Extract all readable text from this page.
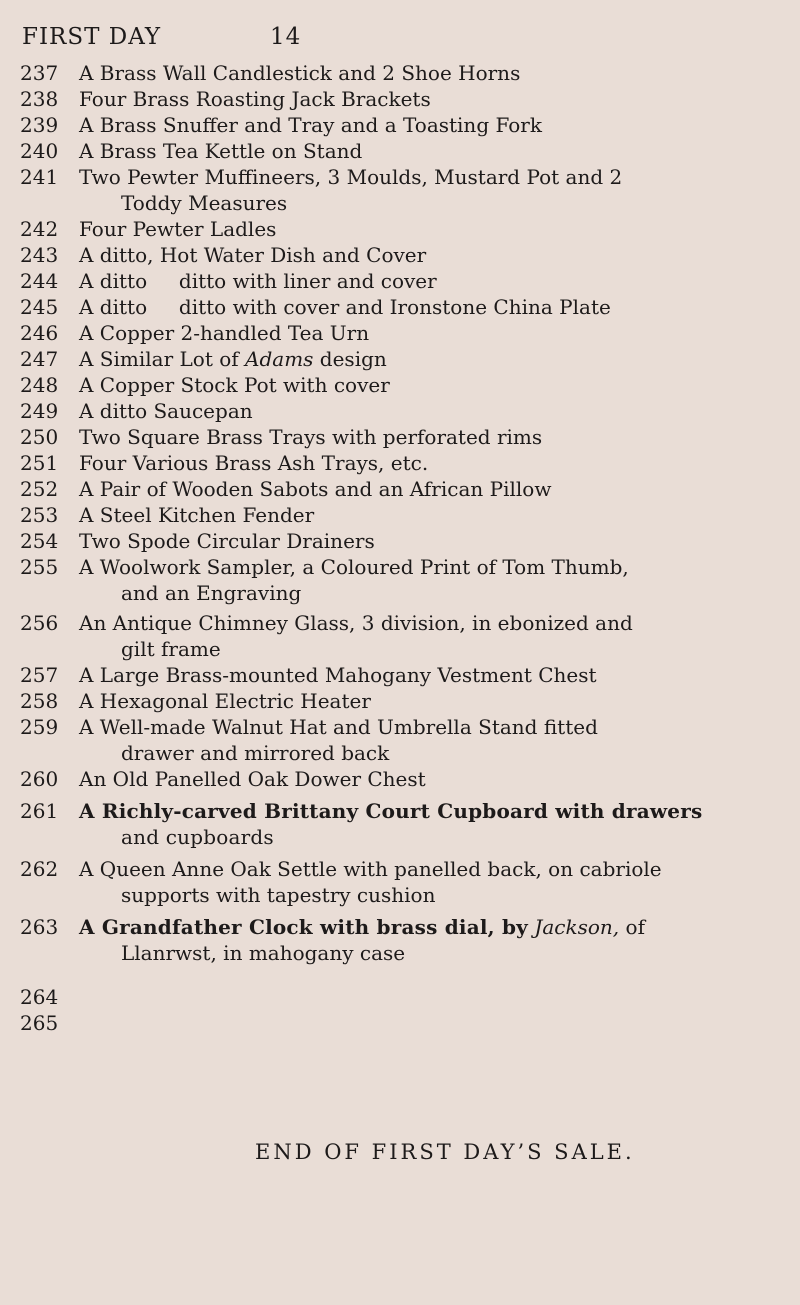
FIRST DAY	14
237	A Brass Wall Candlestick and 2 Shoe Horns
238	Four Brass Roasting Jack Brackets
239	A Brass Snuffer and Tray and a Toasting Fork
240	A Brass Tea Kettle on Stand
241	Two Pewter Muffineers, 3 Moulds, Mustard Pot and 2
Toddy Measures
242	Four Pewter Ladles
243	A ditto, Hot Water Dish and Cover
244	A ditto     ditto with liner and cover
245	A ditto     ditto with cover and Ironstone China Plate
246	A Copper 2-handled Tea Urn
247	A Similar Lot of Adams design
248	A Copper Stock Pot with cover
249	A ditto Saucepan
250	Two Square Brass Trays with perforated rims
251	Four Various Brass Ash Trays, etc.
252	A Pair of Wooden Sabots and an African Pillow
253	A Steel Kitchen Fender
254	Two Spode Circular Drainers
255	A Woolwork Sampler, a Coloured Print of Tom Thumb,
and an Engraving
256	An Antique Chimney Glass, 3 division, in ebonized and
gilt frame
257	A Large Brass-mounted Mahogany Vestment Chest
258	A Hexagonal Electric Heater
259	A Well-made Walnut Hat and Umbrella Stand fitted
drawer and mirrored back
260	An Old Panelled Oak Dower Chest
261	A Richly-carved Brittany Court Cupboard with drawers
and cupboards
262	A Queen Anne Oak Settle with panelled back, on cabriole
supports with tapestry cushion
263	A Grandfather Clock with brass dial, by Jackson, of
Llanrwst, in mahogany case
264
265
END OF FIRST DAY’S SALE.
